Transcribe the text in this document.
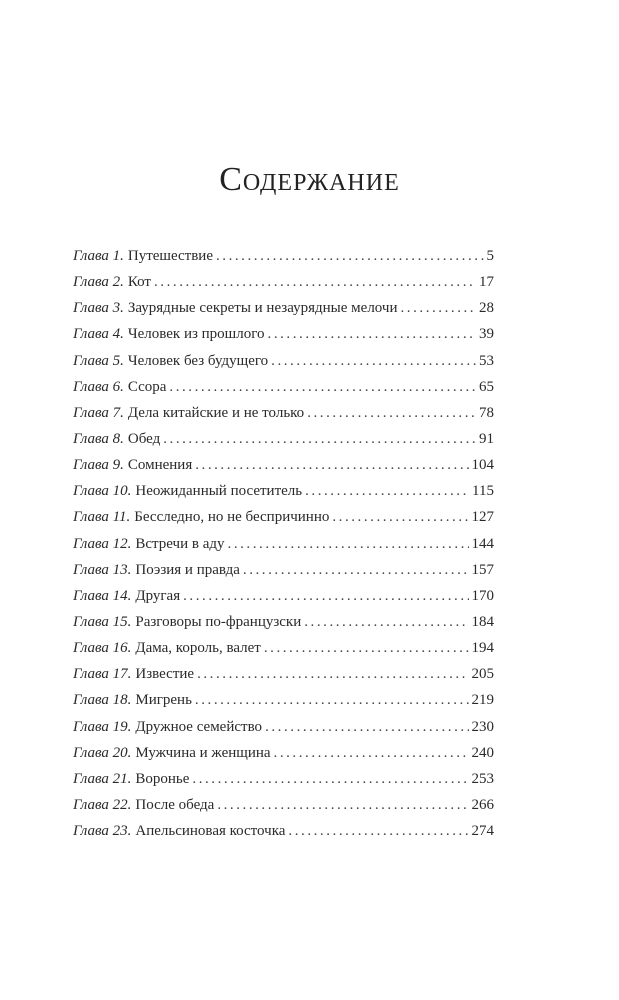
Содержание
Глава 1. Путешествие . . .	5
Глава 2. Кот . . .	17
Глава 3. Заурядные секреты и незаурядные мелочи . . .	28
Глава 4. Человек из прошлого . . .	39
Глава 5. Человек без будущего . . .	53
Глава 6. Ссора . . .	65
Глава 7. Дела китайские и не только . . .	78
Глава 8. Обед . . .	91
Глава 9. Сомнения . . .	104
Глава 10. Неожиданный посетитель . . .	115
Глава 11. Бесследно, но не беспричинно . . .	127
Глава 12. Встречи в аду . . .	144
Глава 13. Поэзия и правда . . .	157
Глава 14. Другая . . .	170
Глава 15. Разговоры по-французски . . .	184
Глава 16. Дама, король, валет . . .	194
Глава 17. Известие . . .	205
Глава 18. Мигрень . . .	219
Глава 19. Дружное семейство . . .	230
Глава 20. Мужчина и женщина . . .	240
Глава 21. Воронье . . .	253
Глава 22. После обеда . . .	266
Глава 23. Апельсиновая косточка . . .	274
